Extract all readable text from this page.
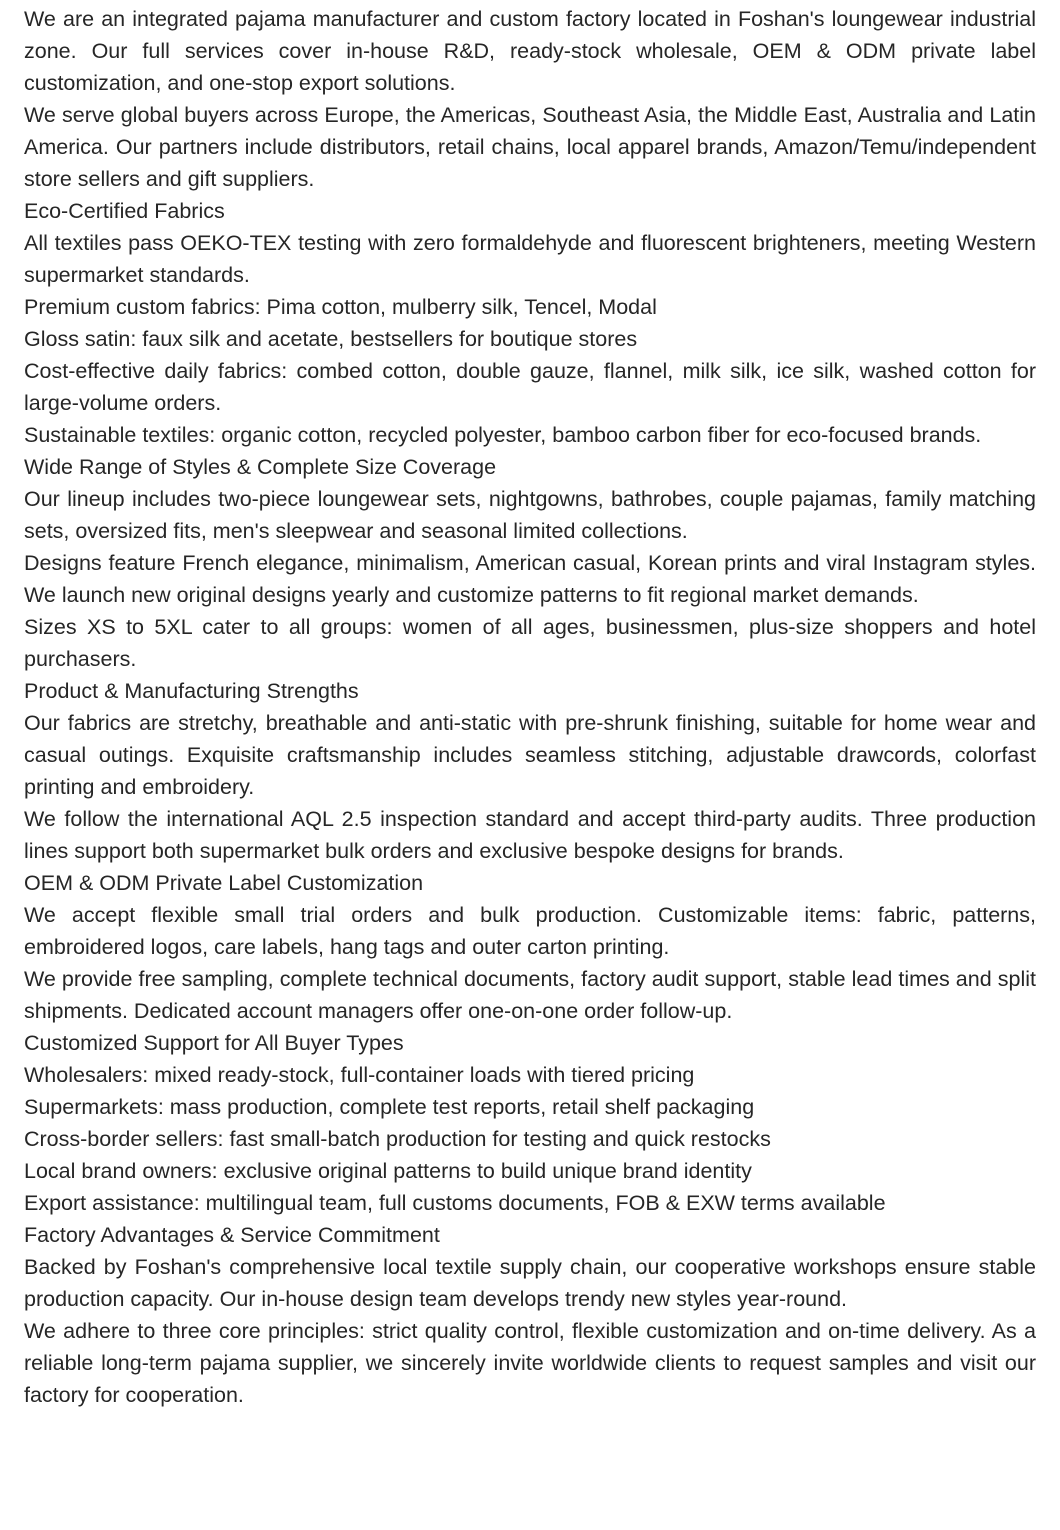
We are an integrated pajama manufacturer and custom factory located in Foshan's loungewear industrial zone. Our full services cover in-house R&D, ready-stock wholesale, OEM & ODM private label customization, and one-stop export solutions.

We serve global buyers across Europe, the Americas, Southeast Asia, the Middle East, Australia and Latin America. Our partners include distributors, retail chains, local apparel brands, Amazon/Temu/independent store sellers and gift suppliers.

Eco-Certified Fabrics

All textiles pass OEKO-TEX testing with zero formaldehyde and fluorescent brighteners, meeting Western supermarket standards.

Premium custom fabrics: Pima cotton, mulberry silk, Tencel, Modal

Gloss satin: faux silk and acetate, bestsellers for boutique stores

Cost-effective daily fabrics: combed cotton, double gauze, flannel, milk silk, ice silk, washed cotton for large-volume orders.

Sustainable textiles: organic cotton, recycled polyester, bamboo carbon fiber for eco-focused brands.

Wide Range of Styles & Complete Size Coverage

Our lineup includes two-piece loungewear sets, nightgowns, bathrobes, couple pajamas, family matching sets, oversized fits, men's sleepwear and seasonal limited collections.

Designs feature French elegance, minimalism, American casual, Korean prints and viral Instagram styles. We launch new original designs yearly and customize patterns to fit regional market demands.

Sizes XS to 5XL cater to all groups: women of all ages, businessmen, plus-size shoppers and hotel purchasers.

Product & Manufacturing Strengths

Our fabrics are stretchy, breathable and anti-static with pre-shrunk finishing, suitable for home wear and casual outings. Exquisite craftsmanship includes seamless stitching, adjustable drawcords, colorfast printing and embroidery.

We follow the international AQL 2.5 inspection standard and accept third-party audits. Three production lines support both supermarket bulk orders and exclusive bespoke designs for brands.

OEM & ODM Private Label Customization

We accept flexible small trial orders and bulk production. Customizable items: fabric, patterns, embroidered logos, care labels, hang tags and outer carton printing.

We provide free sampling, complete technical documents, factory audit support, stable lead times and split shipments. Dedicated account managers offer one-on-one order follow-up.

Customized Support for All Buyer Types

Wholesalers: mixed ready-stock, full-container loads with tiered pricing

Supermarkets: mass production, complete test reports, retail shelf packaging

Cross-border sellers: fast small-batch production for testing and quick restocks

Local brand owners: exclusive original patterns to build unique brand identity

Export assistance: multilingual team, full customs documents, FOB & EXW terms available

Factory Advantages & Service Commitment

Backed by Foshan's comprehensive local textile supply chain, our cooperative workshops ensure stable production capacity. Our in-house design team develops trendy new styles year-round.

We adhere to three core principles: strict quality control, flexible customization and on-time delivery. As a reliable long-term pajama supplier, we sincerely invite worldwide clients to request samples and visit our factory for cooperation.
